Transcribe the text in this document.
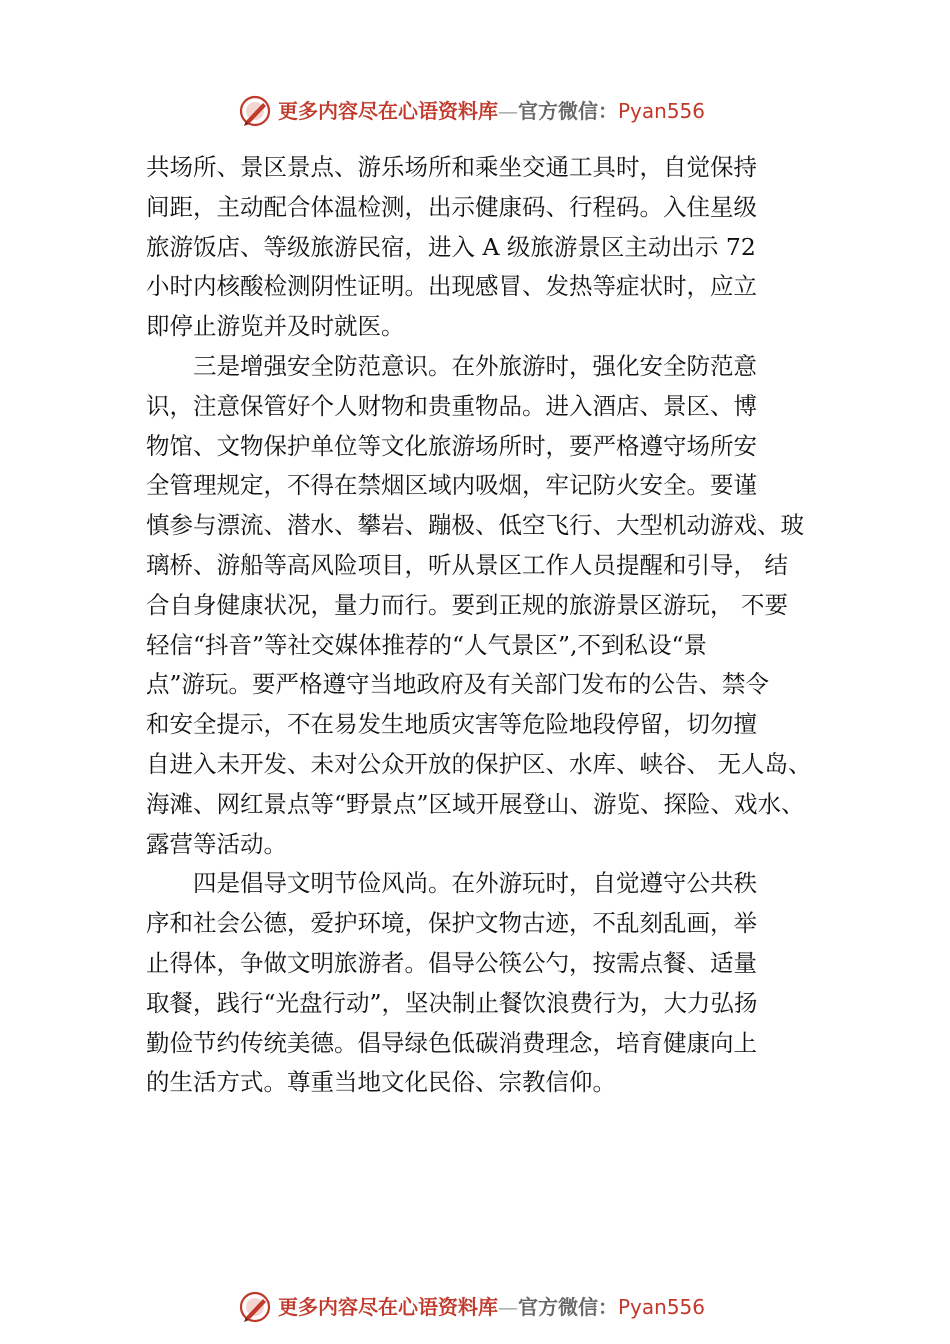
更多内容尽在心语资料库—官方微信：Pyan556
共场所、景区景点、游乐场所和乘坐交通工具时，自觉保持
间距，主动配合体温检测，出示健康码、行程码。入住星级
旅游饭店、等级旅游民宿，进入 A 级旅游景区主动出示 72
小时内核酸检测阴性证明。出现感冒、发热等症状时，应立
即停止游览并及时就医。
　　三是增强安全防范意识。在外旅游时，强化安全防范意
识，注意保管好个人财物和贵重物品。进入酒店、景区、博
物馆、文物保护单位等文化旅游场所时，要严格遵守场所安
全管理规定，不得在禁烟区域内吸烟，牢记防火安全。要谨
慎参与漂流、潜水、攀岩、蹦极、低空飞行、大型机动游戏、玻
璃桥、游船等高风险项目，听从景区工作人员提醒和引导， 结
合自身健康状况，量力而行。要到正规的旅游景区游玩， 不要
轻信“抖音”等社交媒体推荐的“人气景区”,不到私设“景
点”游玩。要严格遵守当地政府及有关部门发布的公告、禁令
和安全提示，不在易发生地质灾害等危险地段停留，切勿擅
自进入未开发、未对公众开放的保护区、水库、峡谷、 无人岛、
海滩、网红景点等“野景点”区域开展登山、游览、探险、戏水、
露营等活动。
　　四是倡导文明节俭风尚。在外游玩时，自觉遵守公共秩
序和社会公德，爱护环境，保护文物古迹，不乱刻乱画，举
止得体，争做文明旅游者。倡导公筷公勺，按需点餐、适量
取餐，践行“光盘行动”，坚决制止餐饮浪费行为，大力弘扬
勤俭节约传统美德。倡导绿色低碳消费理念，培育健康向上
的生活方式。尊重当地文化民俗、宗教信仰。
更多内容尽在心语资料库—官方微信：Pyan556
